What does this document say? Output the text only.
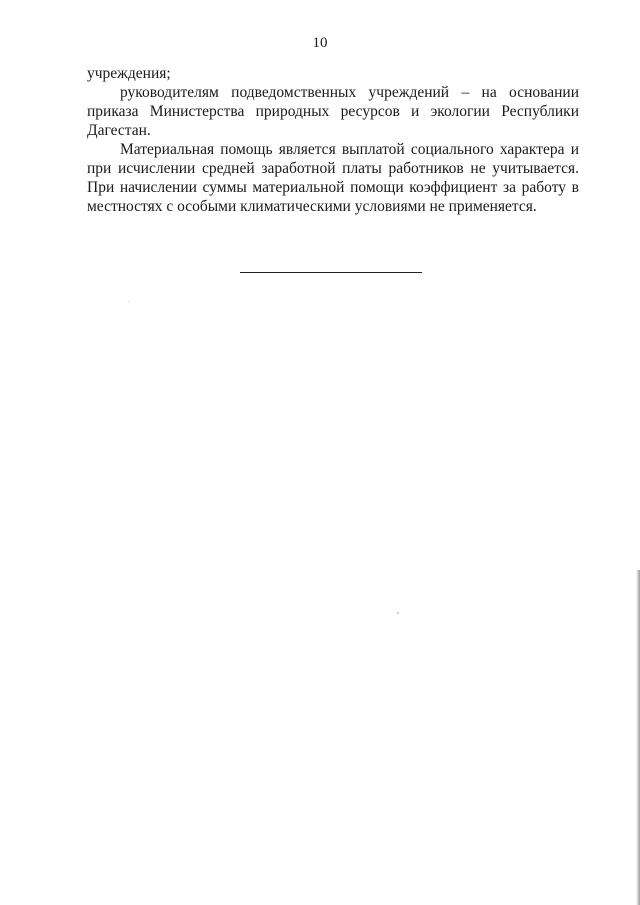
10

учреждения;

руководителям подведомственных учреждений – на основании приказа Министерства природных ресурсов и экологии Республики Дагестан.

Материальная помощь является выплатой социального характера и при исчислении средней заработной платы работников не учитывается. При начислении суммы материальной помощи коэффициент за работу в местностях с особыми климатическими условиями не применяется.
